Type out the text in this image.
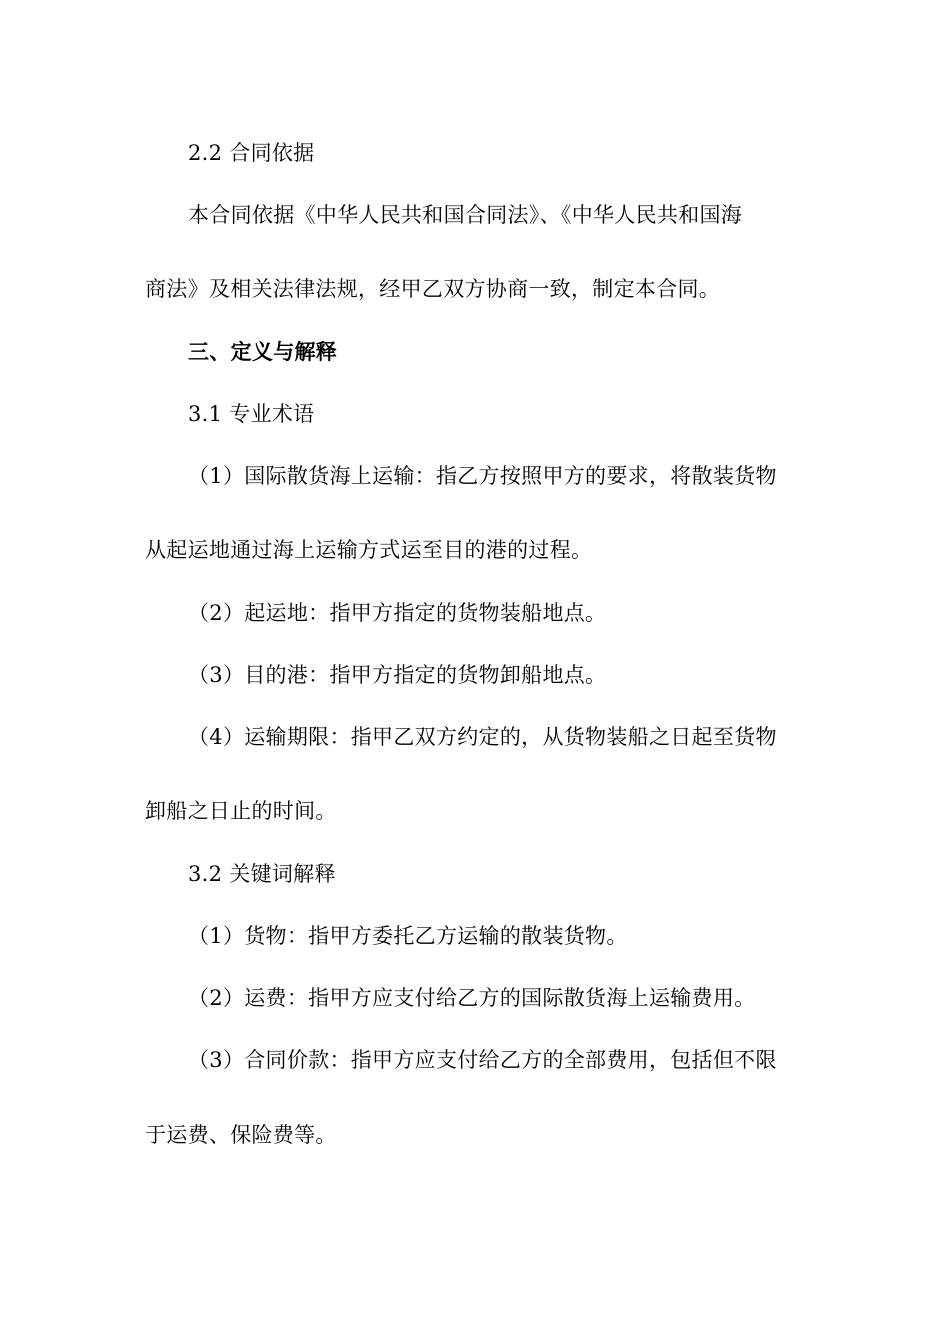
2.2 合同依据
本合同依据《中华人民共和国合同法》、《中华人民共和国海
商法》及相关法律法规，经甲乙双方协商一致，制定本合同。
三、定义与解释
3.1 专业术语
（1）国际散货海上运输：指乙方按照甲方的要求，将散装货物
从起运地通过海上运输方式运至目的港的过程。
（2）起运地：指甲方指定的货物装船地点。
（3）目的港：指甲方指定的货物卸船地点。
（4）运输期限：指甲乙双方约定的，从货物装船之日起至货物
卸船之日止的时间。
3.2 关键词解释
（1）货物：指甲方委托乙方运输的散装货物。
（2）运费：指甲方应支付给乙方的国际散货海上运输费用。
（3）合同价款：指甲方应支付给乙方的全部费用，包括但不限
于运费、保险费等。
